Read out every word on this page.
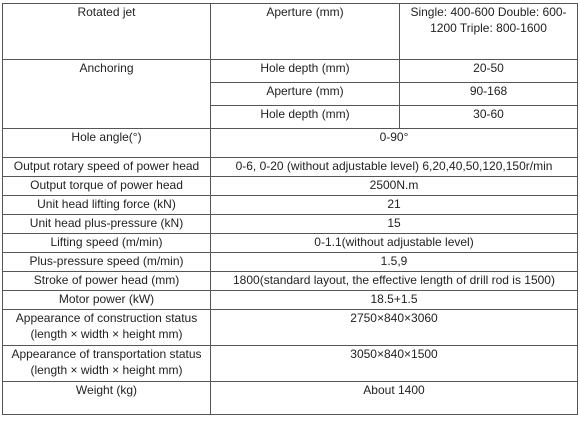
Rotated jet	Aperture (mm)	Single: 400-600 Double: 600-1200 Triple: 800-1600
Anchoring	Hole depth (mm)	20-50
	Aperture (mm)	90-168
	Hole depth (mm)	30-60
Hole angle(°)	0-90°	
Output rotary speed of power head	0-6, 0-20 (without adjustable level) 6,20,40,50,120,150r/min	
Output torque of power head	2500N.m	
Unit head lifting force (kN)	21	
Unit head plus-pressure (kN)	15	
Lifting speed (m/min)	0-1.1(without adjustable level)	
Plus-pressure speed (m/min)	1.5,9	
Stroke of power head (mm)	1800(standard layout, the effective length of drill rod is 1500)	
Motor power (kW)	18.5+1.5	
Appearance of construction status (length × width × height mm)	2750×840×3060	
Appearance of transportation status (length × width × height mm)	3050×840×1500	
Weight (kg)	About 1400	
